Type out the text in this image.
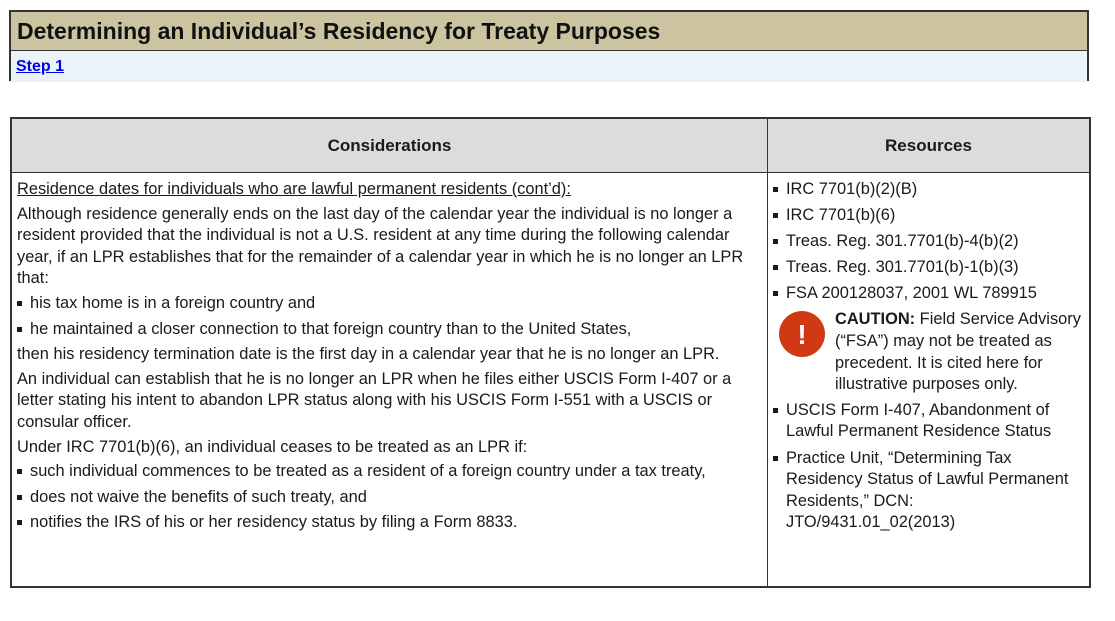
Determining an Individual’s Residency for Treaty Purposes
Step 1
Considerations	Resources
Residence dates for individuals who are lawful permanent residents (cont’d):
Although residence generally ends on the last day of the calendar year the individual is no longer a resident provided that the individual is not a U.S. resident at any time during the following calendar year, if an LPR establishes that for the remainder of a calendar year in which he is no longer an LPR that:
his tax home is in a foreign country and
he maintained a closer connection to that foreign country than to the United States,
then his residency termination date is the first day in a calendar year that he is no longer an LPR.
An individual can establish that he is no longer an LPR when he files either USCIS Form I-407 or a letter stating his intent to abandon LPR status along with his USCIS Form I-551 with a USCIS or consular officer.
Under IRC 7701(b)(6), an individual ceases to be treated as an LPR if:
such individual commences to be treated as a resident of a foreign country under a tax treaty,
does not waive the benefits of such treaty, and
notifies the IRS of his or her residency status by filing a Form 8833.
IRC 7701(b)(2)(B)
IRC 7701(b)(6)
Treas. Reg. 301.7701(b)-4(b)(2)
Treas. Reg. 301.7701(b)-1(b)(3)
FSA 200128037, 2001 WL 789915
!	CAUTION: Field Service Advisory (“FSA”) may not be treated as precedent. It is cited here for illustrative purposes only.
USCIS Form I-407, Abandonment of Lawful Permanent Residence Status
Practice Unit, “Determining Tax Residency Status of Lawful Permanent Residents,” DCN: JTO/9431.01_02(2013)
